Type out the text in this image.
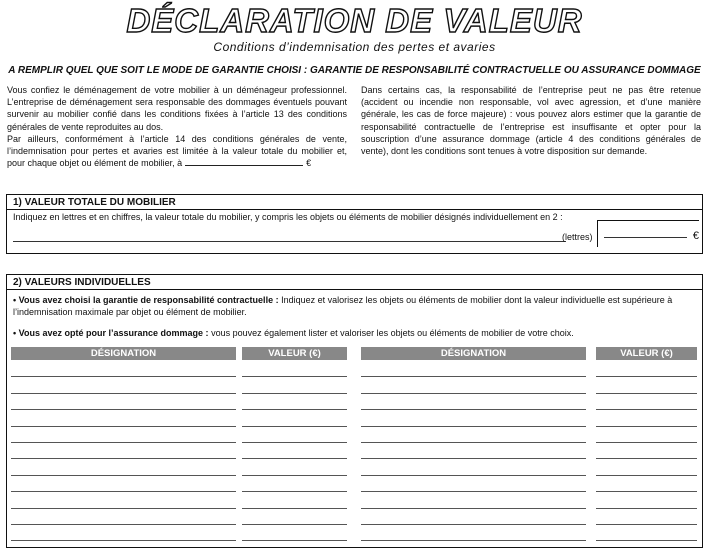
DÉCLARATION DE VALEUR
Conditions d’indemnisation des pertes et avaries
A REMPLIR QUEL QUE SOIT LE MODE DE GARANTIE CHOISI : GARANTIE DE RESPONSABILITÉ CONTRACTUELLE OU ASSURANCE DOMMAGE

Vous confiez le déménagement de votre mobilier à un déménageur professionnel. L’entreprise de déménagement sera responsable des dommages éventuels pouvant survenir au mobilier confié dans les conditions fixées à l’article 13 des conditions générales de vente reproduites au dos.

Par ailleurs, conformément à l’article 14 des conditions générales de vente, l’indemnisation pour pertes et avaries est limitée à la valeur totale du mobilier et, pour chaque objet ou élément de mobilier, à	€

Dans certains cas, la responsabilité de l’entreprise peut ne pas être retenue (accident ou incendie non responsable, vol avec agression, et d’une manière générale, les cas de force majeure) : vous pouvez alors estimer que la garantie de responsabilité contractuelle de l’entreprise est insuffisante et opter pour la souscription d’une assurance dommage (article 4 des conditions générales de vente), dont les conditions sont tenues à votre disposition sur demande.

1) VALEUR TOTALE DU MOBILIER
Indiquez en lettres et en chiffres, la valeur totale du mobilier, y compris les objets ou éléments de mobilier désignés individuellement en 2 :
(lettres)	€
2) VALEURS INDIVIDUELLES
• Vous avez choisi la garantie de responsabilité contractuelle : Indiquez et valorisez les objets ou éléments de mobilier dont la valeur individuelle est supérieure à l’indemnisation maximale par objet ou élément de mobilier.
• Vous avez opté pour l’assurance dommage : vous pouvez également lister et valoriser les objets ou éléments de mobilier de votre choix.
DÉSIGNATION	VALEUR (€)	DÉSIGNATION	VALEUR (€)
